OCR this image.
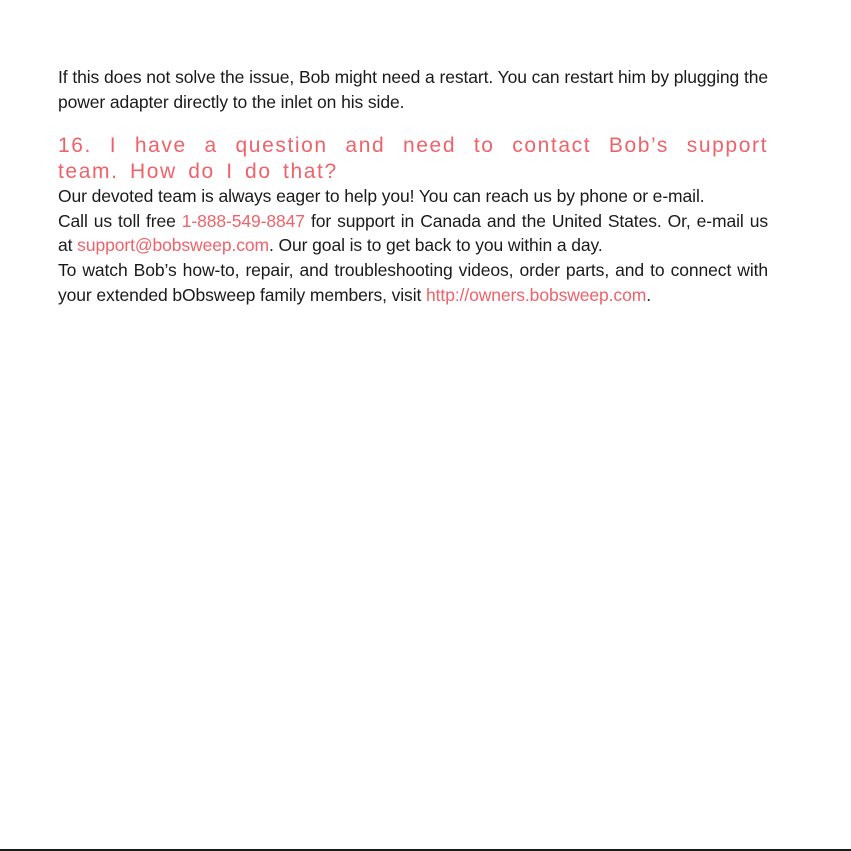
If this does not solve the issue, Bob might need a restart. You can restart him by plugging the power adapter directly to the inlet on his side.

16. I have a question and need to contact Bob’s support team. How do I do that?

Our devoted team is always eager to help you! You can reach us by phone or e-mail.

Call us toll free 1-888-549-8847 for support in Canada and the United States. Or, e-mail us at support@bobsweep.com. Our goal is to get back to you within a day.

To watch Bob’s how-to, repair, and troubleshooting videos, order parts, and to connect with your extended bObsweep family members, visit http://owners.bobsweep.com.
